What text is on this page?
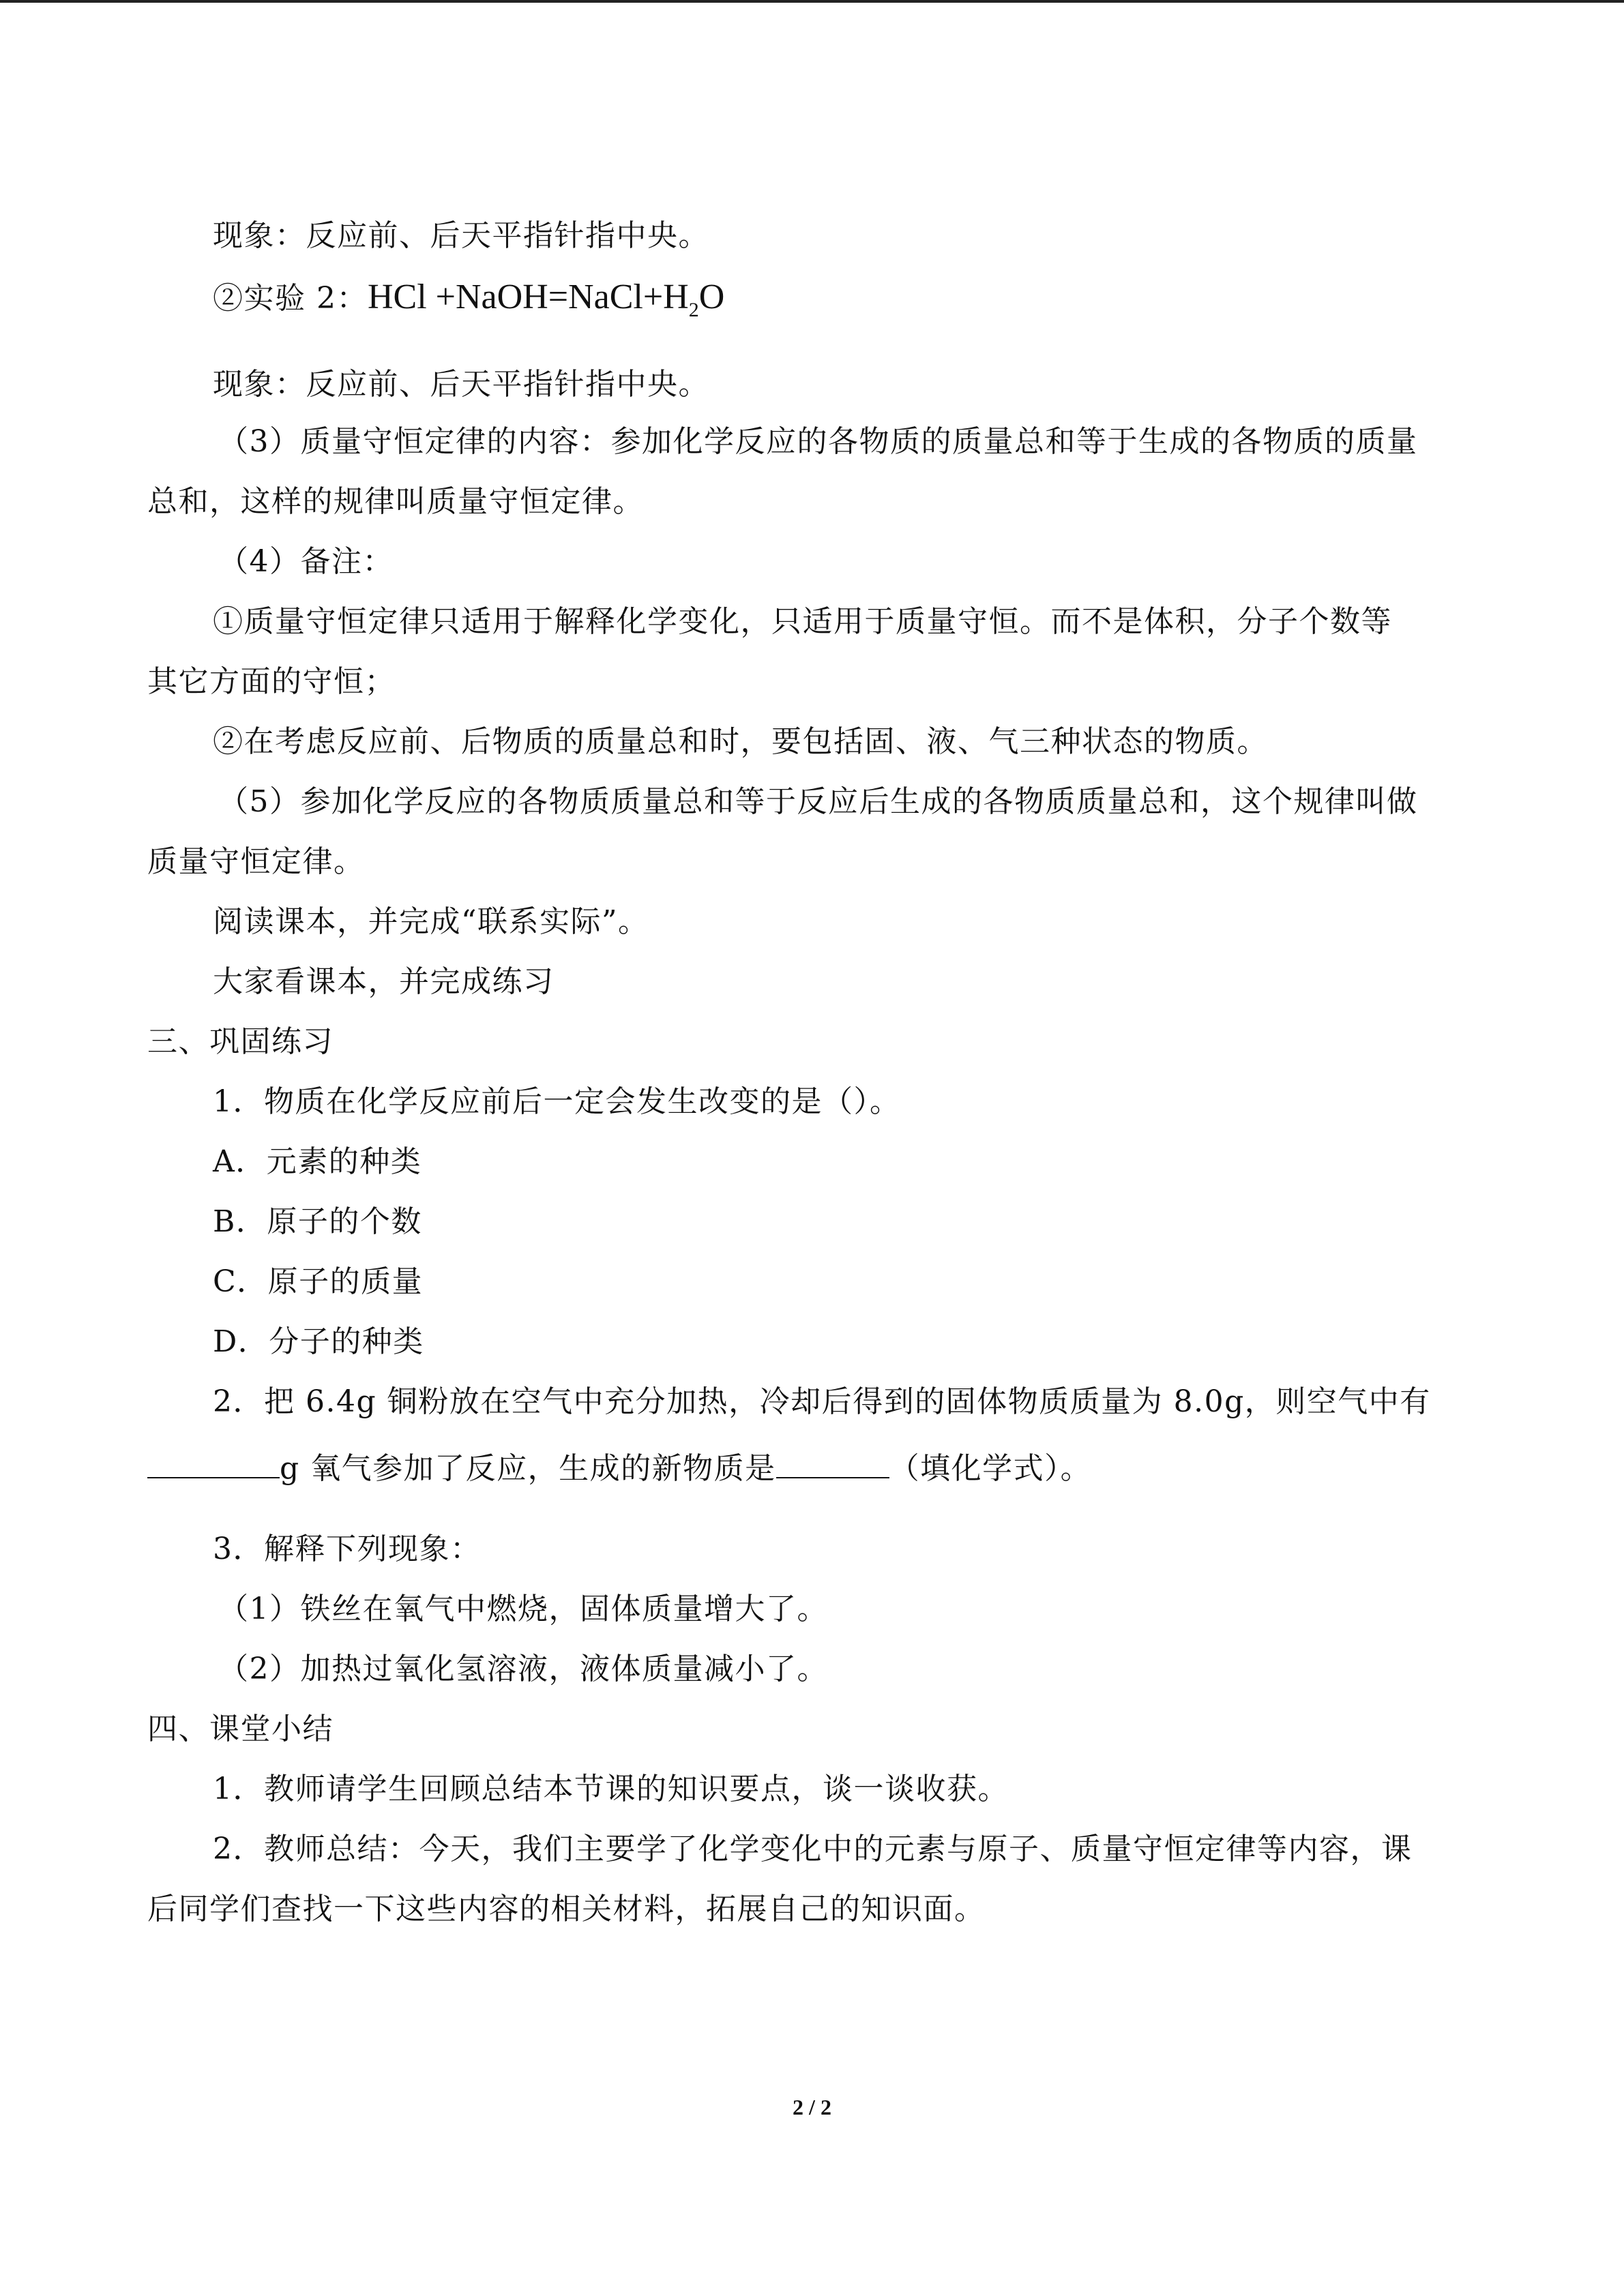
现象：反应前、后天平指针指中央。
②实验 2：HCl $+NaOH=NaCl+H_2O$
现象：反应前、后天平指针指中央。
（3）质量守恒定律的内容：参加化学反应的各物质的质量总和等于生成的各物质的质量
总和，这样的规律叫质量守恒定律。
（4）备注：
①质量守恒定律只适用于解释化学变化，只适用于质量守恒。而不是体积，分子个数等
其它方面的守恒；
②在考虑反应前、后物质的质量总和时，要包括固、液、气三种状态的物质。
（5）参加化学反应的各物质质量总和等于反应后生成的各物质质量总和，这个规律叫做
质量守恒定律。
阅读课本，并完成“联系实际”。
大家看课本，并完成练习
三、巩固练习
1．物质在化学反应前后一定会发生改变的是（）。
A．元素的种类
B．原子的个数
C．原子的质量
D．分子的种类
2．把 6.4g 铜粉放在空气中充分加热，冷却后得到的固体物质质量为 8.0g，则空气中有
g 氧气参加了反应，生成的新物质是	（填化学式）。
3．解释下列现象：
（1）铁丝在氧气中燃烧，固体质量增大了。
（2）加热过氧化氢溶液，液体质量减小了。
四、课堂小结
1．教师请学生回顾总结本节课的知识要点，谈一谈收获。
2．教师总结：今天，我们主要学了化学变化中的元素与原子、质量守恒定律等内容，课
后同学们查找一下这些内容的相关材料，拓展自己的知识面。
2 / 2
